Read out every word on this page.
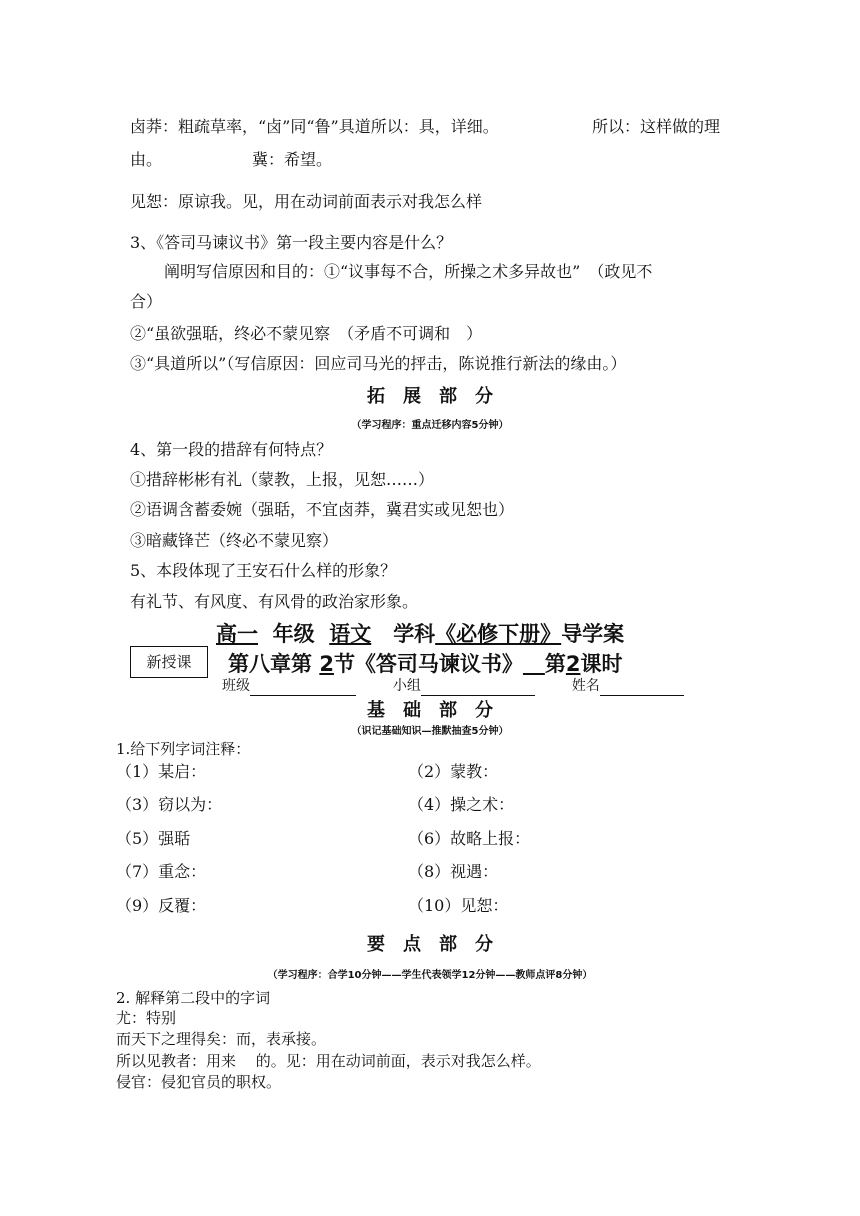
卤莽：粗疏草率，“卤”同“鲁”具道所以：具，详细。	所以：这样做的理
由。	冀：希望。
见恕：原谅我。见，用在动词前面表示对我怎么样
3、《答司马谏议书》第一段主要内容是什么？
阐明写信原因和目的：①“议事每不合，所操之术多异故也”　（政见不
合）
②“虽欲强聒，终必不蒙见察　（矛盾不可调和　）
③“具道所以”（写信原因：回应司马光的抨击，陈说推行新法的缘由。）
拓　展　部　分
（学习程序：重点迁移内容5分钟）
4、第一段的措辞有何特点？
①措辞彬彬有礼（蒙教，上报，见恕……）
②语调含蓄委婉（强聒，不宜卤莽，冀君实或见恕也）
③暗藏锋芒（终必不蒙见察）
5、本段体现了王安石什么样的形象？
有礼节、有风度、有风骨的政治家形象。
高一 年级 语文 学科《必修下册》导学案
新授课	第八章第 2节《答司马谏议书》 第2课时
班级	小组	姓名
基　础　部　分
（识记基础知识—推默抽查5分钟）
1.给下列字词注释：
（1）某启：	（2）蒙教：
（3）窃以为：	（4）操之术：
（5）强聒	（6）故略上报：
（7）重念：	（8）视遇：
（9）反覆：	（10）见恕：
要　点　部　分
（学习程序：合学10分钟——学生代表领学12分钟——教师点评8分钟）
2. 解释第二段中的字词
尤：特别
而天下之理得矣：而，表承接。
所以见教者：用来　 的。见：用在动词前面，表示对我怎么样。
侵官：侵犯官员的职权。
